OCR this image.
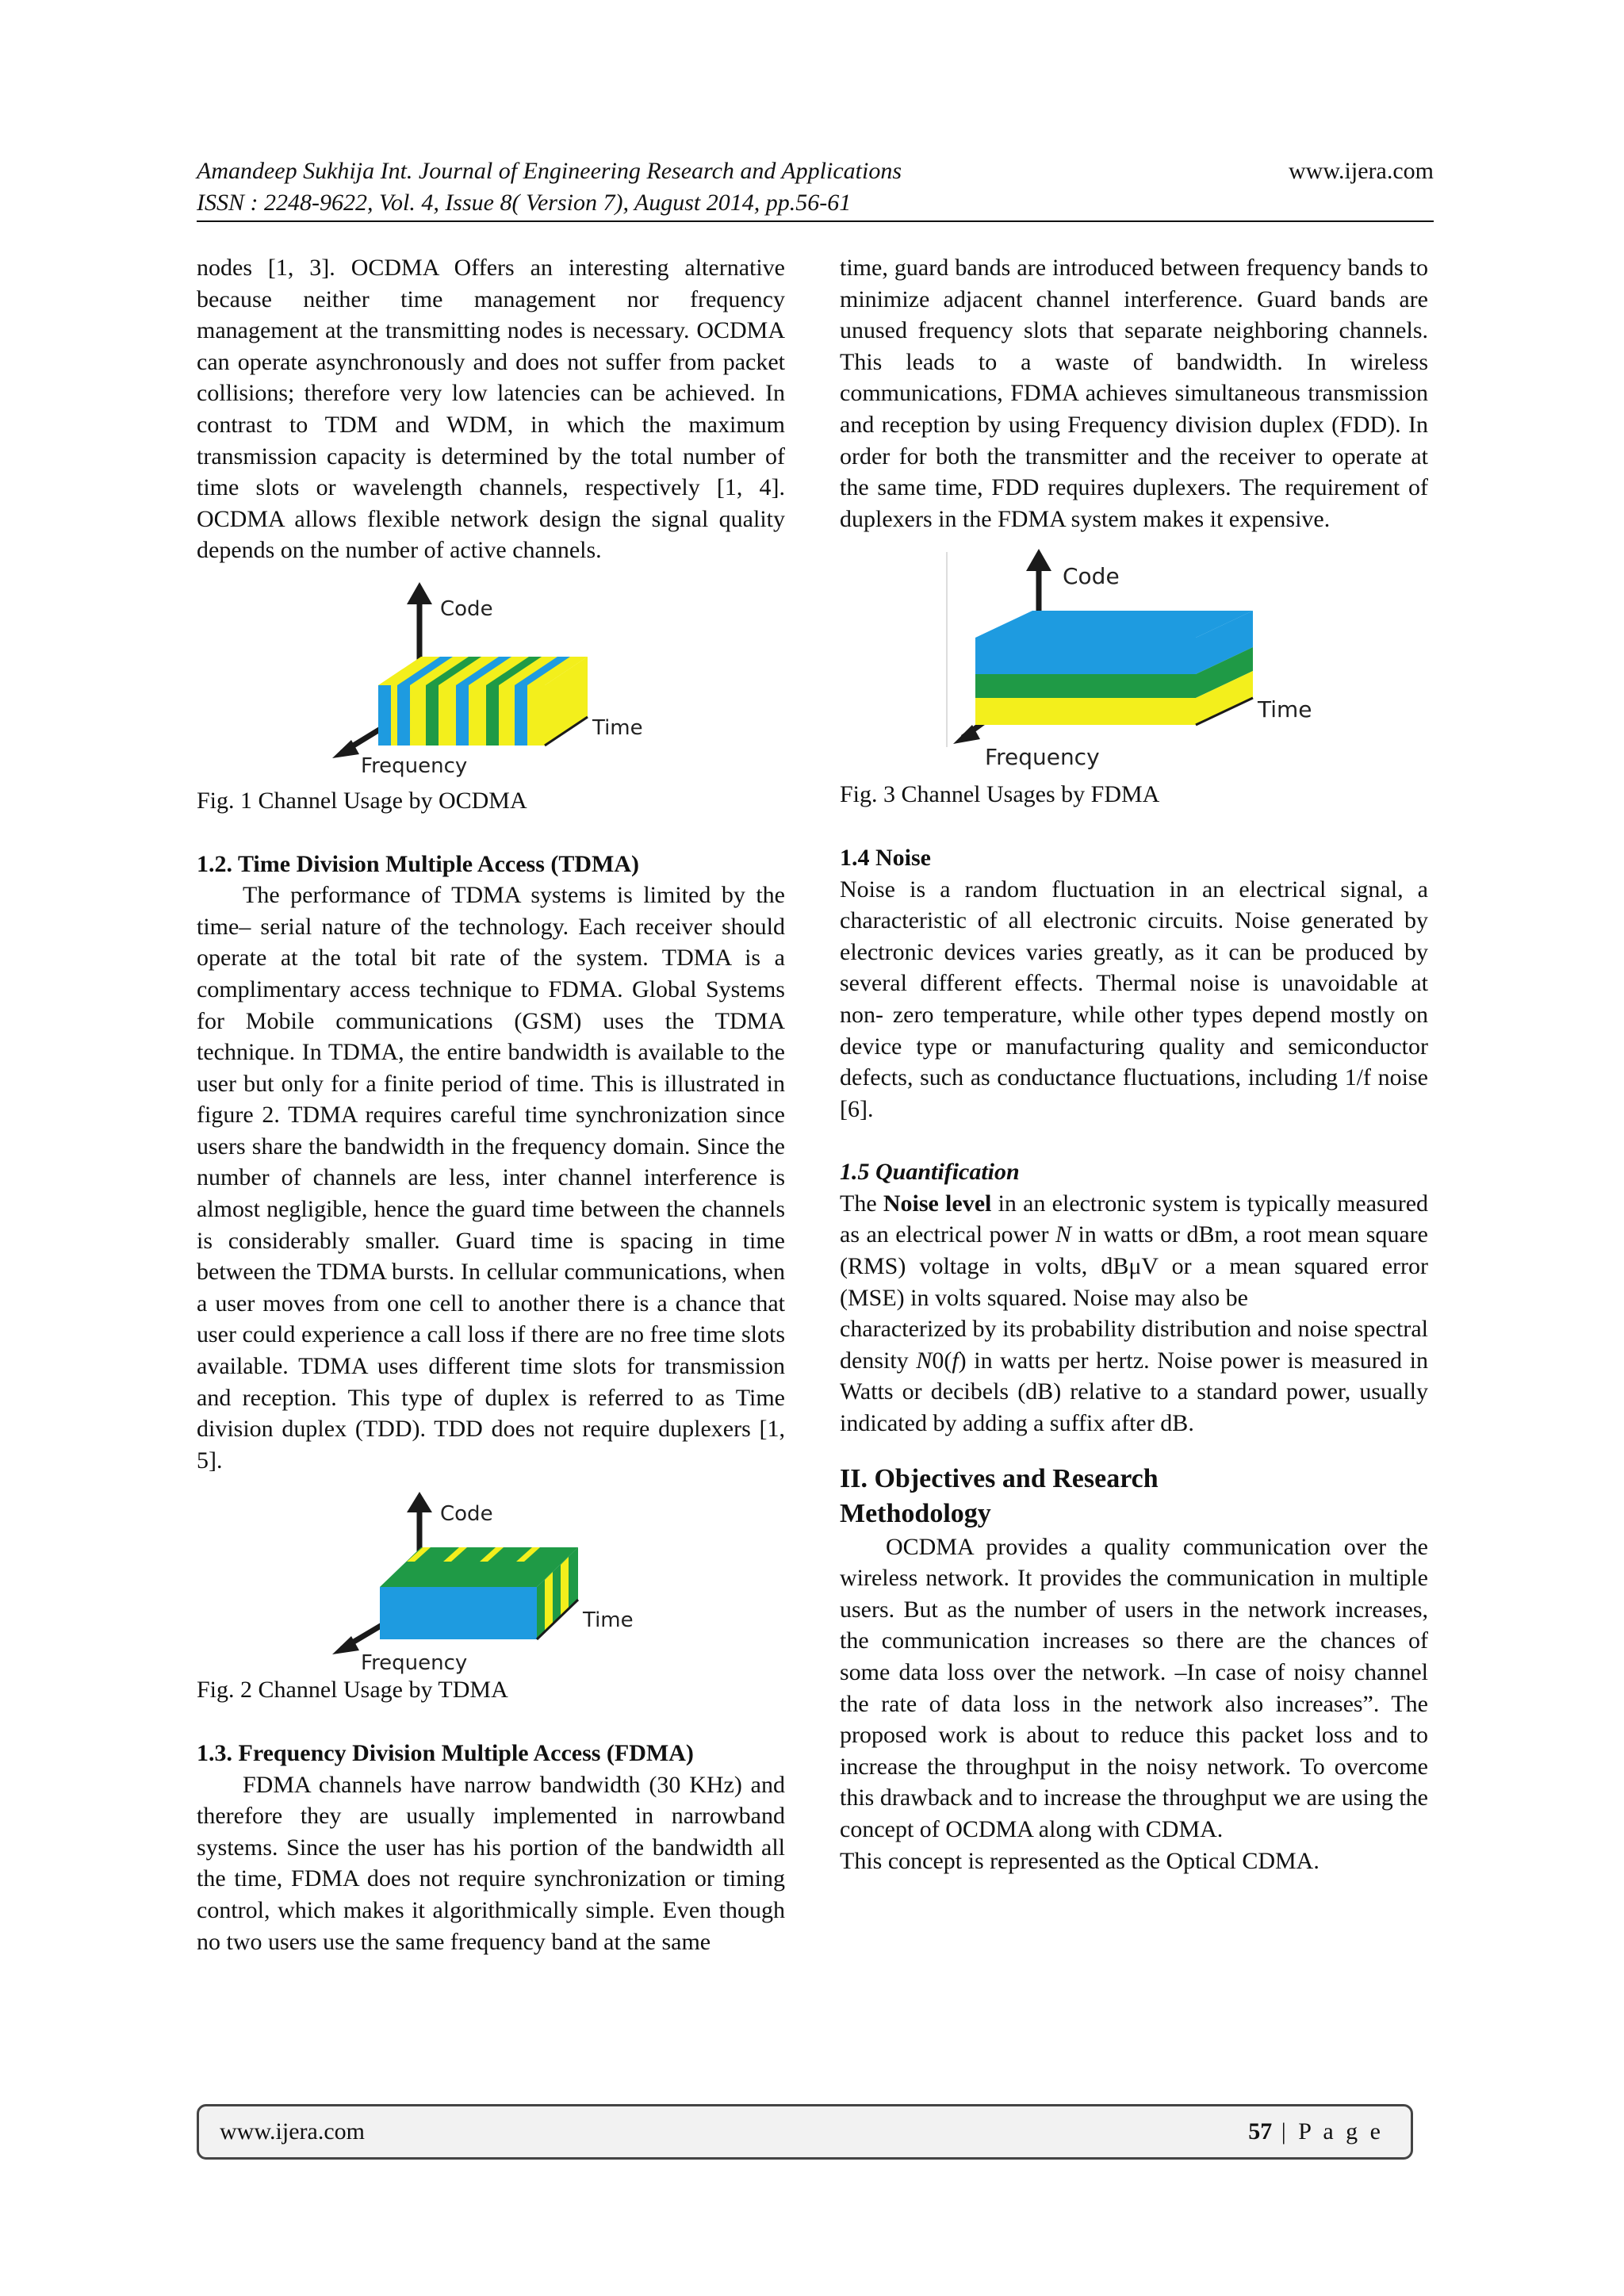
Amandeep Sukhija Int. Journal of Engineering Research and Applications	www.ijera.com
ISSN : 2248-9622, Vol. 4, Issue 8( Version 7), August 2014, pp.56-61

nodes [1, 3]. OCDMA Offers an interesting alternative because neither time management nor frequency management at the transmitting nodes is necessary. OCDMA can operate asynchronously and does not suffer from packet collisions; therefore very low latencies can be achieved. In contrast to TDM and WDM, in which the maximum transmission capacity is determined by the total number of time slots or wavelength channels, respectively [1, 4]. OCDMA allows flexible network design the signal quality depends on the number of active channels.

Code
Time
Frequency

Fig. 1 Channel Usage by OCDMA

1.2. Time Division Multiple Access (TDMA)

The performance of TDMA systems is limited by the time– serial nature of the technology. Each receiver should operate at the total bit rate of the system. TDMA is a complimentary access technique to FDMA. Global Systems for Mobile communications (GSM) uses the TDMA technique. In TDMA, the entire bandwidth is available to the user but only for a finite period of time. This is illustrated in figure 2. TDMA requires careful time synchronization since users share the bandwidth in the frequency domain. Since the number of channels are less, inter channel interference is almost negligible, hence the guard time between the channels is considerably smaller. Guard time is spacing in time between the TDMA bursts. In cellular communications, when a user moves from one cell to another there is a chance that user could experience a call loss if there are no free time slots available. TDMA uses different time slots for transmission and reception. This type of duplex is referred to as Time division duplex (TDD). TDD does not require duplexers [1, 5].

Code
Time
Frequency

Fig. 2 Channel Usage by TDMA

1.3. Frequency Division Multiple Access (FDMA)

FDMA channels have narrow bandwidth (30 KHz) and therefore they are usually implemented in narrowband systems. Since the user has his portion of the bandwidth all the time, FDMA does not require synchronization or timing control, which makes it algorithmically simple. Even though no two users use the same frequency band at the same

time, guard bands are introduced between frequency bands to minimize adjacent channel interference. Guard bands are unused frequency slots that separate neighboring channels. This leads to a waste of bandwidth. In wireless communications, FDMA achieves simultaneous transmission and reception by using Frequency division duplex (FDD). In order for both the transmitter and the receiver to operate at the same time, FDD requires duplexers. The requirement of duplexers in the FDMA system makes it expensive.

Code
Time
Frequency

Fig. 3 Channel Usages by FDMA

1.4 Noise

Noise is a random fluctuation in an electrical signal, a characteristic of all electronic circuits. Noise generated by electronic devices varies greatly, as it can be produced by several different effects. Thermal noise is unavoidable at non- zero temperature, while other types depend mostly on device type or manufacturing quality and semiconductor defects, such as conductance fluctuations, including 1/f noise [6].

1.5 Quantification

The Noise level in an electronic system is typically measured as an electrical power N in watts or dBm, a root mean square (RMS) voltage in volts, dBμV or a mean squared error (MSE) in volts squared. Noise may also be

characterized by its probability distribution and noise spectral density N0(f) in watts per hertz. Noise power is measured in Watts or decibels (dB) relative to a standard power, usually indicated by adding a suffix after dB.

II. Objectives and Research
Methodology

OCDMA provides a quality communication over the wireless network. It provides the communication in multiple users. But as the number of users in the network increases, the communication increases so there are the chances of some data loss over the network. –In case of noisy channel the rate of data loss in the network also increases”. The proposed work is about to reduce this packet loss and to increase the throughput in the noisy network. To overcome this drawback and to increase the throughput we are using the concept of OCDMA along with CDMA.

This concept is represented as the Optical CDMA.

www.ijera.com	57 | P a g e
